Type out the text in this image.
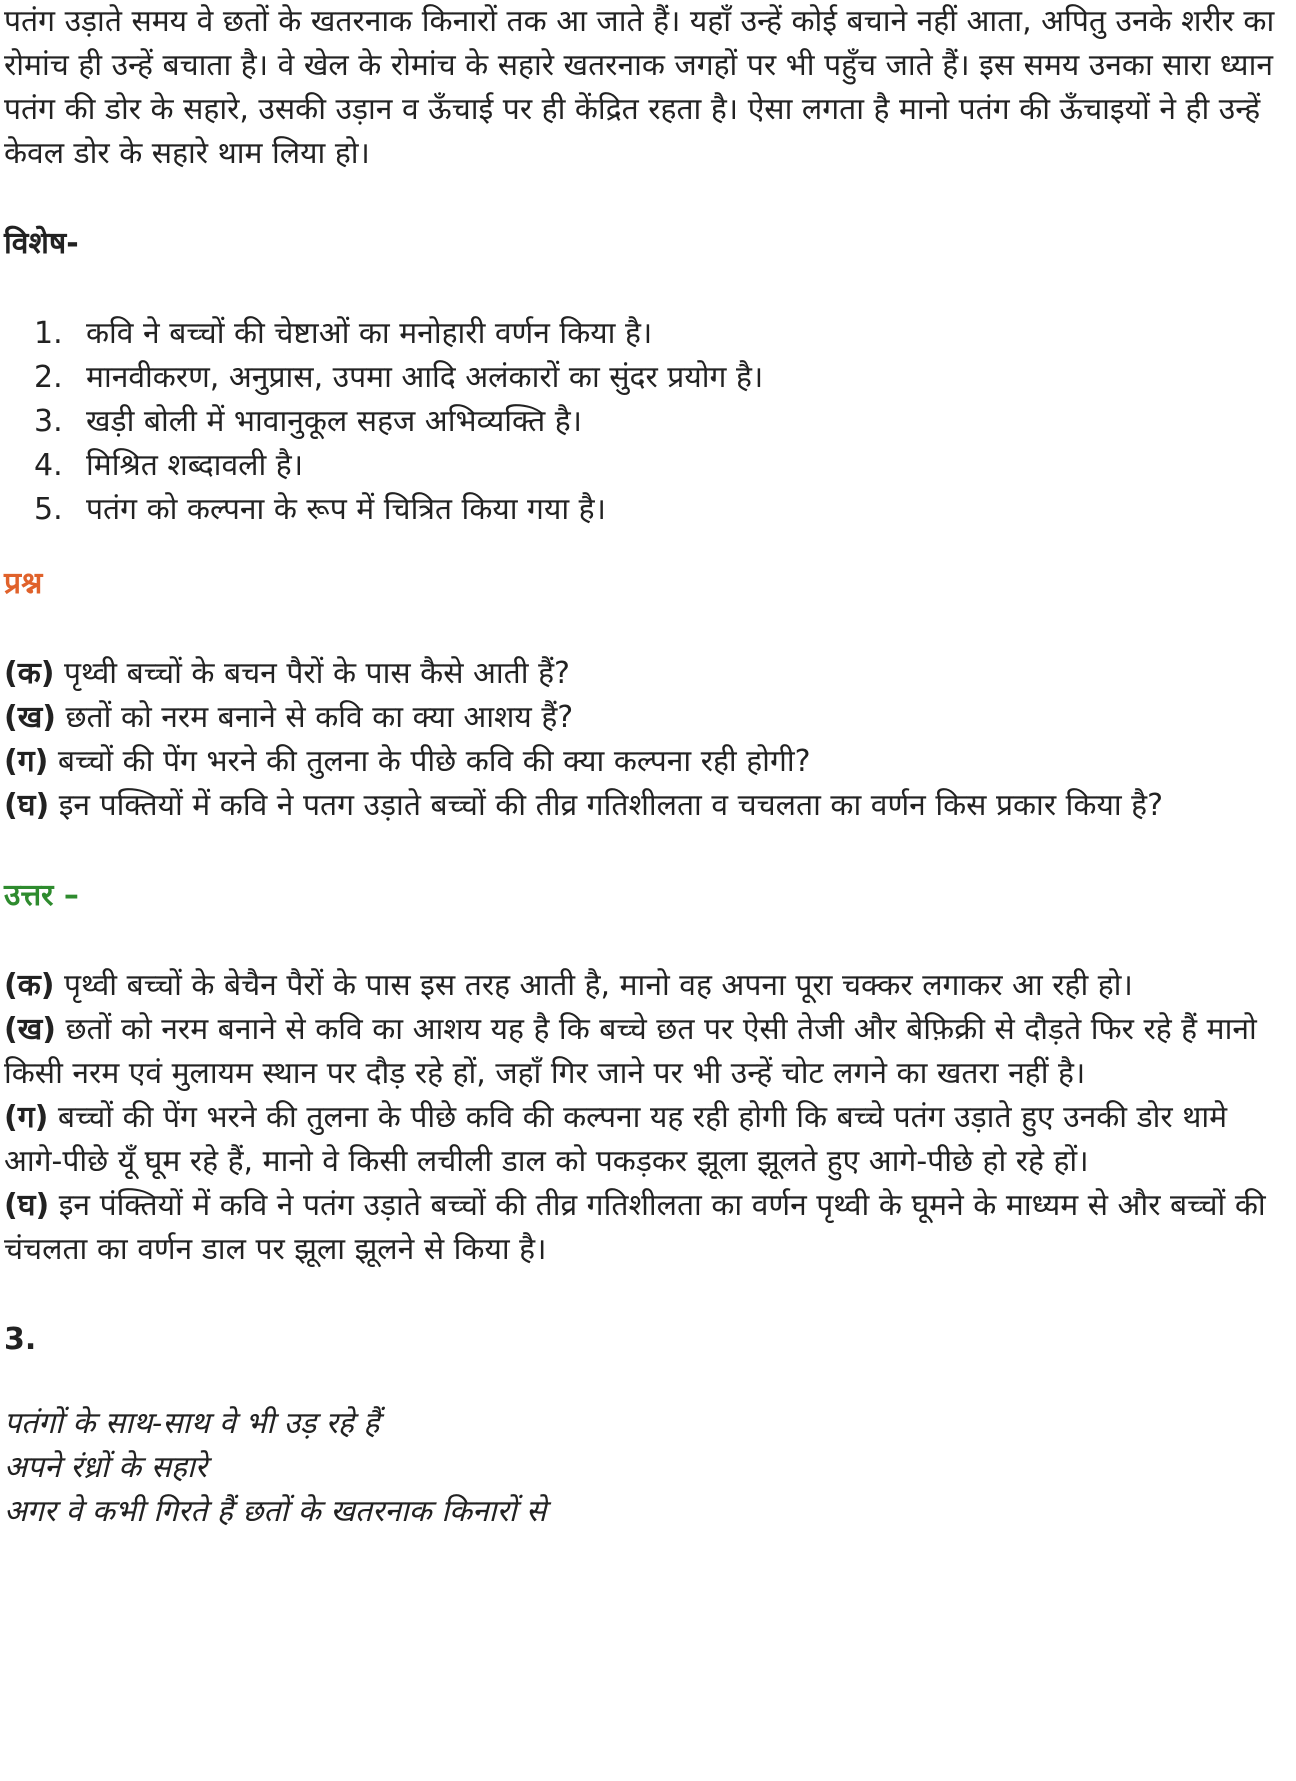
पतंग उड़ाते समय वे छतों के खतरनाक किनारों तक आ जाते हैं। यहाँ उन्हें कोई बचाने नहीं आता, अपितु उनके शरीर का रोमांच ही उन्हें बचाता है। वे खेल के रोमांच के सहारे खतरनाक जगहों पर भी पहुँच जाते हैं। इस समय उनका सारा ध्यान पतंग की डोर के सहारे, उसकी उड़ान व ऊँचाई पर ही केंद्रित रहता है। ऐसा लगता है मानो पतंग की ऊँचाइयों ने ही उन्हें केवल डोर के सहारे थाम लिया हो।

विशेष-

1. कवि ने बच्चों की चेष्टाओं का मनोहारी वर्णन किया है।
2. मानवीकरण, अनुप्रास, उपमा आदि अलंकारों का सुंदर प्रयोग है।
3. खड़ी बोली में भावानुकूल सहज अभिव्यक्ति है।
4. मिश्रित शब्दावली है।
5. पतंग को कल्पना के रूप में चित्रित किया गया है।

प्रश्न

(क) पृथ्वी बच्चों के बचन पैरों के पास कैसे आती हैं?

(ख) छतों को नरम बनाने से कवि का क्या आशय हैं?

(ग) बच्चों की पेंग भरने की तुलना के पीछे कवि की क्या कल्पना रही होगी?

(घ) इन पक्तियों में कवि ने पतग उड़ाते बच्चों की तीव्र गतिशीलता व चचलता का वर्णन किस प्रकार किया है?

उत्तर –

(क) पृथ्वी बच्चों के बेचैन पैरों के पास इस तरह आती है, मानो वह अपना पूरा चक्कर लगाकर आ रही हो।

(ख) छतों को नरम बनाने से कवि का आशय यह है कि बच्चे छत पर ऐसी तेजी और बेफ़िक्री से दौड़ते फिर रहे हैं मानो किसी नरम एवं मुलायम स्थान पर दौड़ रहे हों, जहाँ गिर जाने पर भी उन्हें चोट लगने का खतरा नहीं है।

(ग) बच्चों की पेंग भरने की तुलना के पीछे कवि की कल्पना यह रही होगी कि बच्चे पतंग उड़ाते हुए उनकी डोर थामे आगे-पीछे यूँ घूम रहे हैं, मानो वे किसी लचीली डाल को पकड़कर झूला झूलते हुए आगे-पीछे हो रहे हों।

(घ) इन पंक्तियों में कवि ने पतंग उड़ाते बच्चों की तीव्र गतिशीलता का वर्णन पृथ्वी के घूमने के माध्यम से और बच्चों की चंचलता का वर्णन डाल पर झूला झूलने से किया है।

3.

पतंगों के साथ-साथ वे भी उड़ रहे हैं

अपने रंध्रों के सहारे

अगर वे कभी गिरते हैं छतों के खतरनाक किनारों से
